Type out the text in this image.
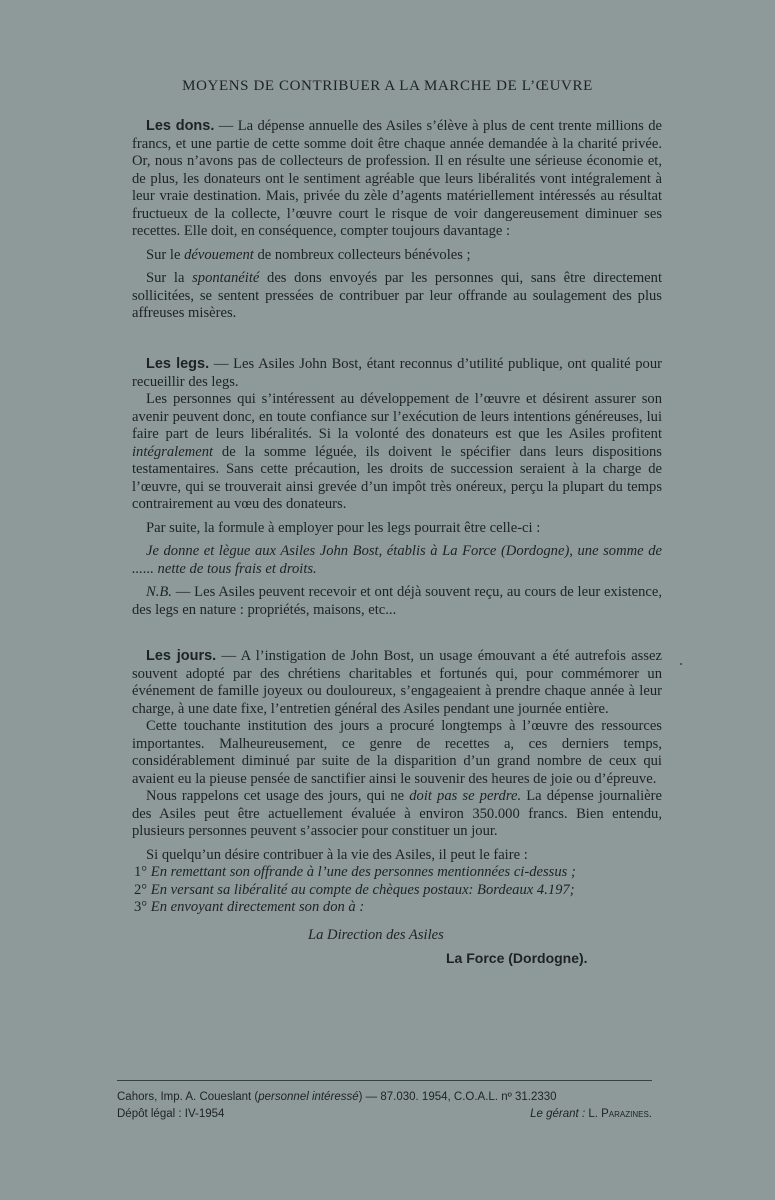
MOYENS DE CONTRIBUER A LA MARCHE DE L’ŒUVRE

Les dons. — La dépense annuelle des Asiles s’élève à plus de cent trente millions de francs, et une partie de cette somme doit être chaque année demandée à la charité privée. Or, nous n’avons pas de collecteurs de profession. Il en résulte une sérieuse économie et, de plus, les donateurs ont le sentiment agréable que leurs libéralités vont intégralement à leur vraie destination. Mais, privée du zèle d’agents matériellement intéressés au résultat fructueux de la collecte, l’œuvre court le risque de voir dangereusement diminuer ses recettes. Elle doit, en conséquence, compter toujours davantage :

Sur le dévouement de nombreux collecteurs bénévoles ;

Sur la spontanéité des dons envoyés par les personnes qui, sans être directement sollicitées, se sentent pressées de contribuer par leur offrande au soulagement des plus affreuses misères.

Les legs. — Les Asiles John Bost, étant reconnus d’utilité publique, ont qualité pour recueillir des legs.

Les personnes qui s’intéressent au développement de l’œuvre et désirent assurer son avenir peuvent donc, en toute confiance sur l’exécution de leurs intentions généreuses, lui faire part de leurs libéralités. Si la volonté des donateurs est que les Asiles profitent intégralement de la somme léguée, ils doivent le spécifier dans leurs dispositions testamentaires. Sans cette précaution, les droits de succession seraient à la charge de l’œuvre, qui se trouverait ainsi grevée d’un impôt très onéreux, perçu la plupart du temps contrairement au vœu des donateurs.

Par suite, la formule à employer pour les legs pourrait être celle-ci :

Je donne et lègue aux Asiles John Bost, établis à La Force (Dordogne), une somme de ...... nette de tous frais et droits.

N.B. — Les Asiles peuvent recevoir et ont déjà souvent reçu, au cours de leur existence, des legs en nature : propriétés, maisons, etc...

Les jours. — A l’instigation de John Bost, un usage émouvant a été autrefois assez souvent adopté par des chrétiens charitables et fortunés qui, pour commémorer un événement de famille joyeux ou douloureux, s’engageaient à prendre chaque année à leur charge, à une date fixe, l’entretien général des Asiles pendant une journée entière.

Cette touchante institution des jours a procuré longtemps à l’œuvre des ressources importantes. Malheureusement, ce genre de recettes a, ces derniers temps, considérablement diminué par suite de la disparition d’un grand nombre de ceux qui avaient eu la pieuse pensée de sanctifier ainsi le souvenir des heures de joie ou d’épreuve.

Nous rappelons cet usage des jours, qui ne doit pas se perdre. La dépense journalière des Asiles peut être actuellement évaluée à environ 350.000 francs. Bien entendu, plusieurs personnes peuvent s’associer pour constituer un jour.

Si quelqu’un désire contribuer à la vie des Asiles, il peut le faire :

1° En remettant son offrande à l’une des personnes mentionnées ci-dessus ;

2° En versant sa libéralité au compte de chèques postaux: Bordeaux 4.197;

3° En envoyant directement son don à :

La Direction des Asiles

La Force (Dordogne).

Cahors, Imp. A. Coueslant (personnel intéressé) — 87.030. 1954, C.O.A.L. nº 31.2330
Dépôt légal : IV-1954	Le gérant : L. Parazines.
